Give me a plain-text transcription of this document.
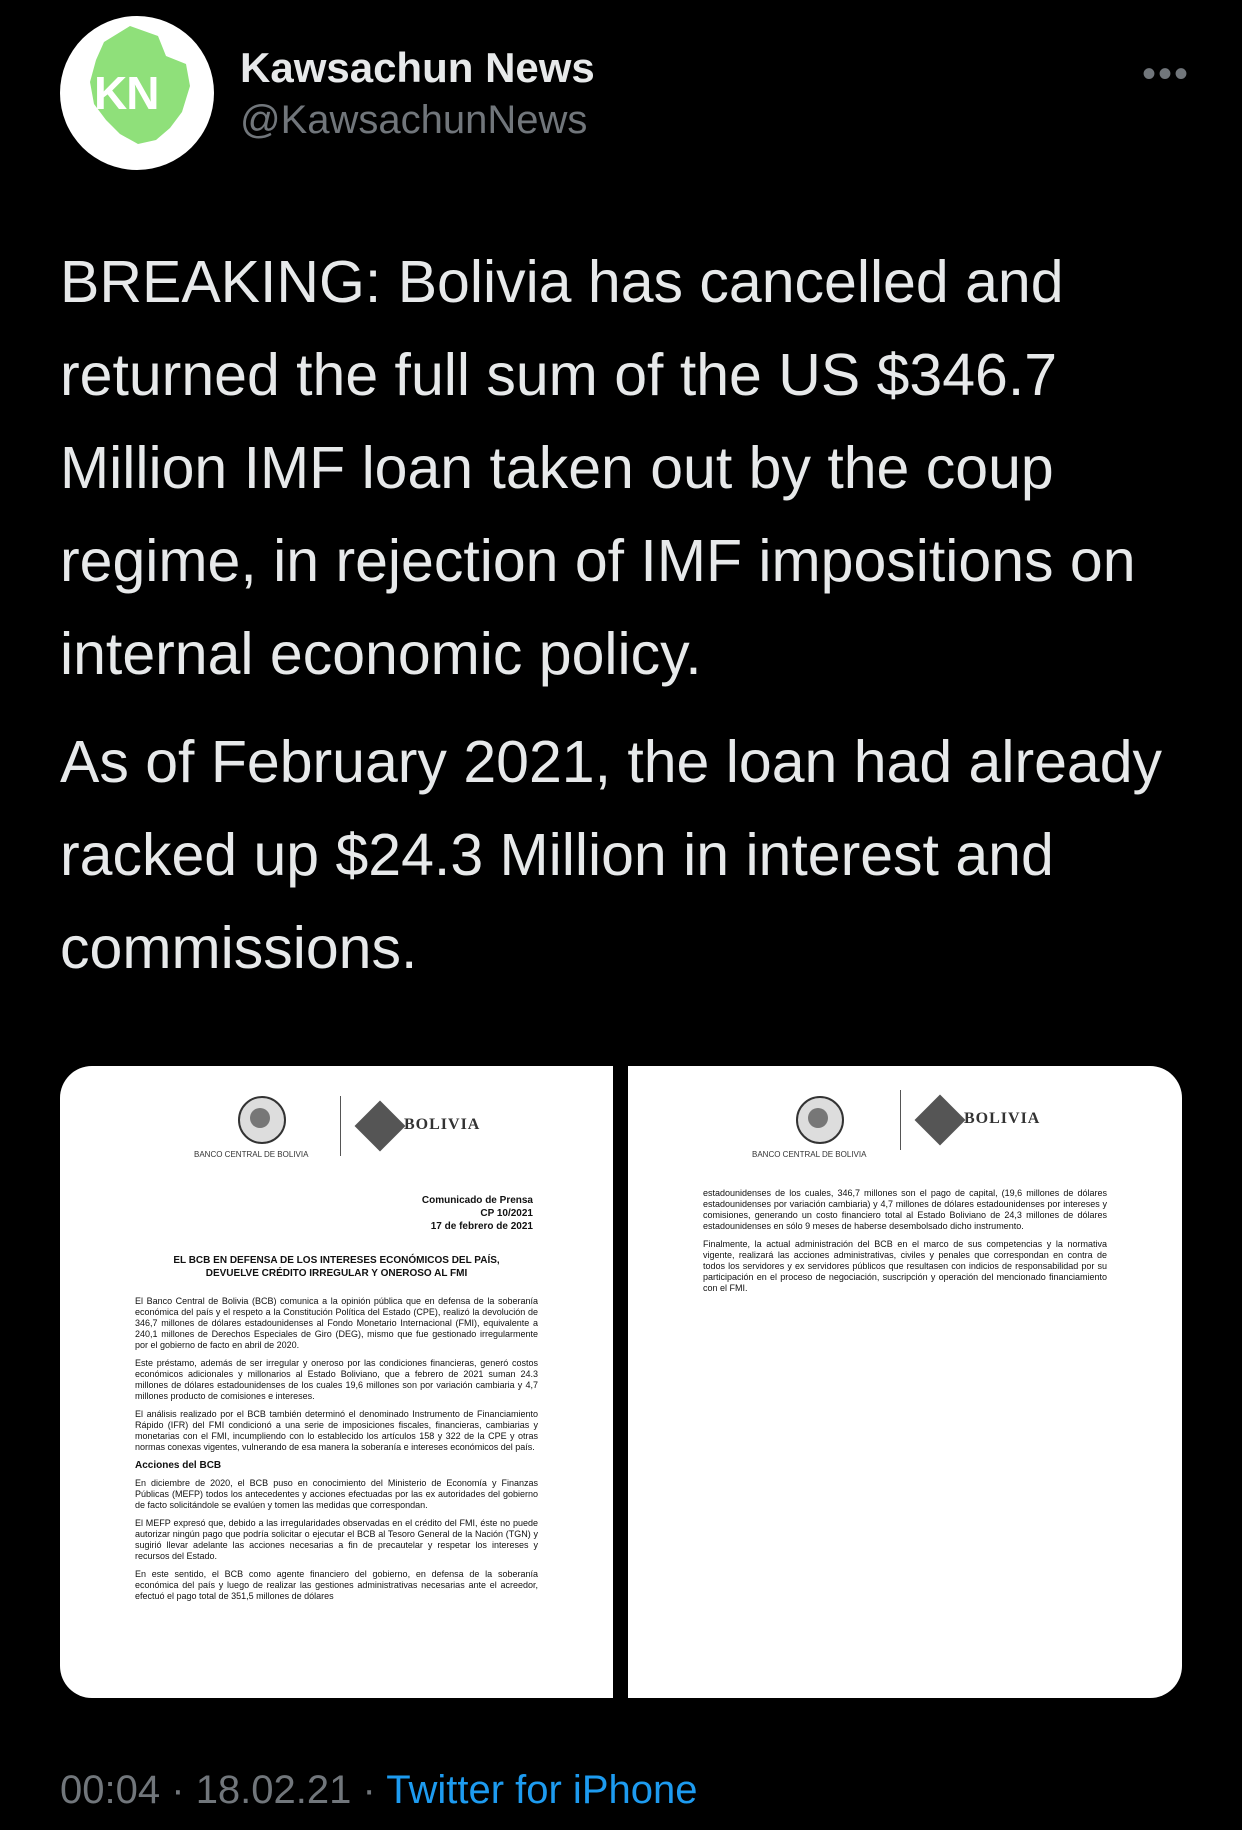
KN Kawsachun News
@KawsachunNews
•••

BREAKING: Bolivia has cancelled and returned the full sum of the US $346.7 Million IMF loan taken out by the coup regime, in rejection of IMF impositions on internal economic policy.

As of February 2021, the loan had already racked up $24.3 Million in interest and commissions.

BANCO CENTRAL DE BOLIVIA
BOLIVIA
Comunicado de Prensa
CP 10/2021
17 de febrero de 2021
EL BCB EN DEFENSA DE LOS INTERESES ECONÓMICOS DEL PAÍS,
DEVUELVE CRÉDITO IRREGULAR Y ONEROSO AL FMI

El Banco Central de Bolivia (BCB) comunica a la opinión pública que en defensa de la soberanía económica del país y el respeto a la Constitución Política del Estado (CPE), realizó la devolución de 346,7 millones de dólares estadounidenses al Fondo Monetario Internacional (FMI), equivalente a 240,1 millones de Derechos Especiales de Giro (DEG), mismo que fue gestionado irregularmente por el gobierno de facto en abril de 2020.

Este préstamo, además de ser irregular y oneroso por las condiciones financieras, generó costos económicos adicionales y millonarios al Estado Boliviano, que a febrero de 2021 suman 24.3 millones de dólares estadounidenses de los cuales 19,6 millones son por variación cambiaria y 4,7 millones producto de comisiones e intereses.

El análisis realizado por el BCB también determinó el denominado Instrumento de Financiamiento Rápido (IFR) del FMI condicionó a una serie de imposiciones fiscales, financieras, cambiarias y monetarias con el FMI, incumpliendo con lo establecido los artículos 158 y 322 de la CPE y otras normas conexas vigentes, vulnerando de esa manera la soberanía e intereses económicos del país.

Acciones del BCB

En diciembre de 2020, el BCB puso en conocimiento del Ministerio de Economía y Finanzas Públicas (MEFP) todos los antecedentes y acciones efectuadas por las ex autoridades del gobierno de facto solicitándole se evalúen y tomen las medidas que correspondan.

El MEFP expresó que, debido a las irregularidades observadas en el crédito del FMI, éste no puede autorizar ningún pago que podría solicitar o ejecutar el BCB al Tesoro General de la Nación (TGN) y sugirió llevar adelante las acciones necesarias a fin de precautelar y respetar los intereses y recursos del Estado.

En este sentido, el BCB como agente financiero del gobierno, en defensa de la soberanía económica del país y luego de realizar las gestiones administrativas necesarias ante el acreedor, efectuó el pago total de 351,5 millones de dólares

BANCO CENTRAL DE BOLIVIA
BOLIVIA

estadounidenses de los cuales, 346,7 millones son el pago de capital, (19,6 millones de dólares estadounidenses por variación cambiaria) y 4,7 millones de dólares estadounidenses por intereses y comisiones, generando un costo financiero total al Estado Boliviano de 24,3 millones de dólares estadounidenses en sólo 9 meses de haberse desembolsado dicho instrumento.

Finalmente, la actual administración del BCB en el marco de sus competencias y la normativa vigente, realizará las acciones administrativas, civiles y penales que correspondan en contra de todos los servidores y ex servidores públicos que resultasen con indicios de responsabilidad por su participación en el proceso de negociación, suscripción y operación del mencionado financiamiento con el FMI.

00:04 · 18.02.21 · Twitter for iPhone
